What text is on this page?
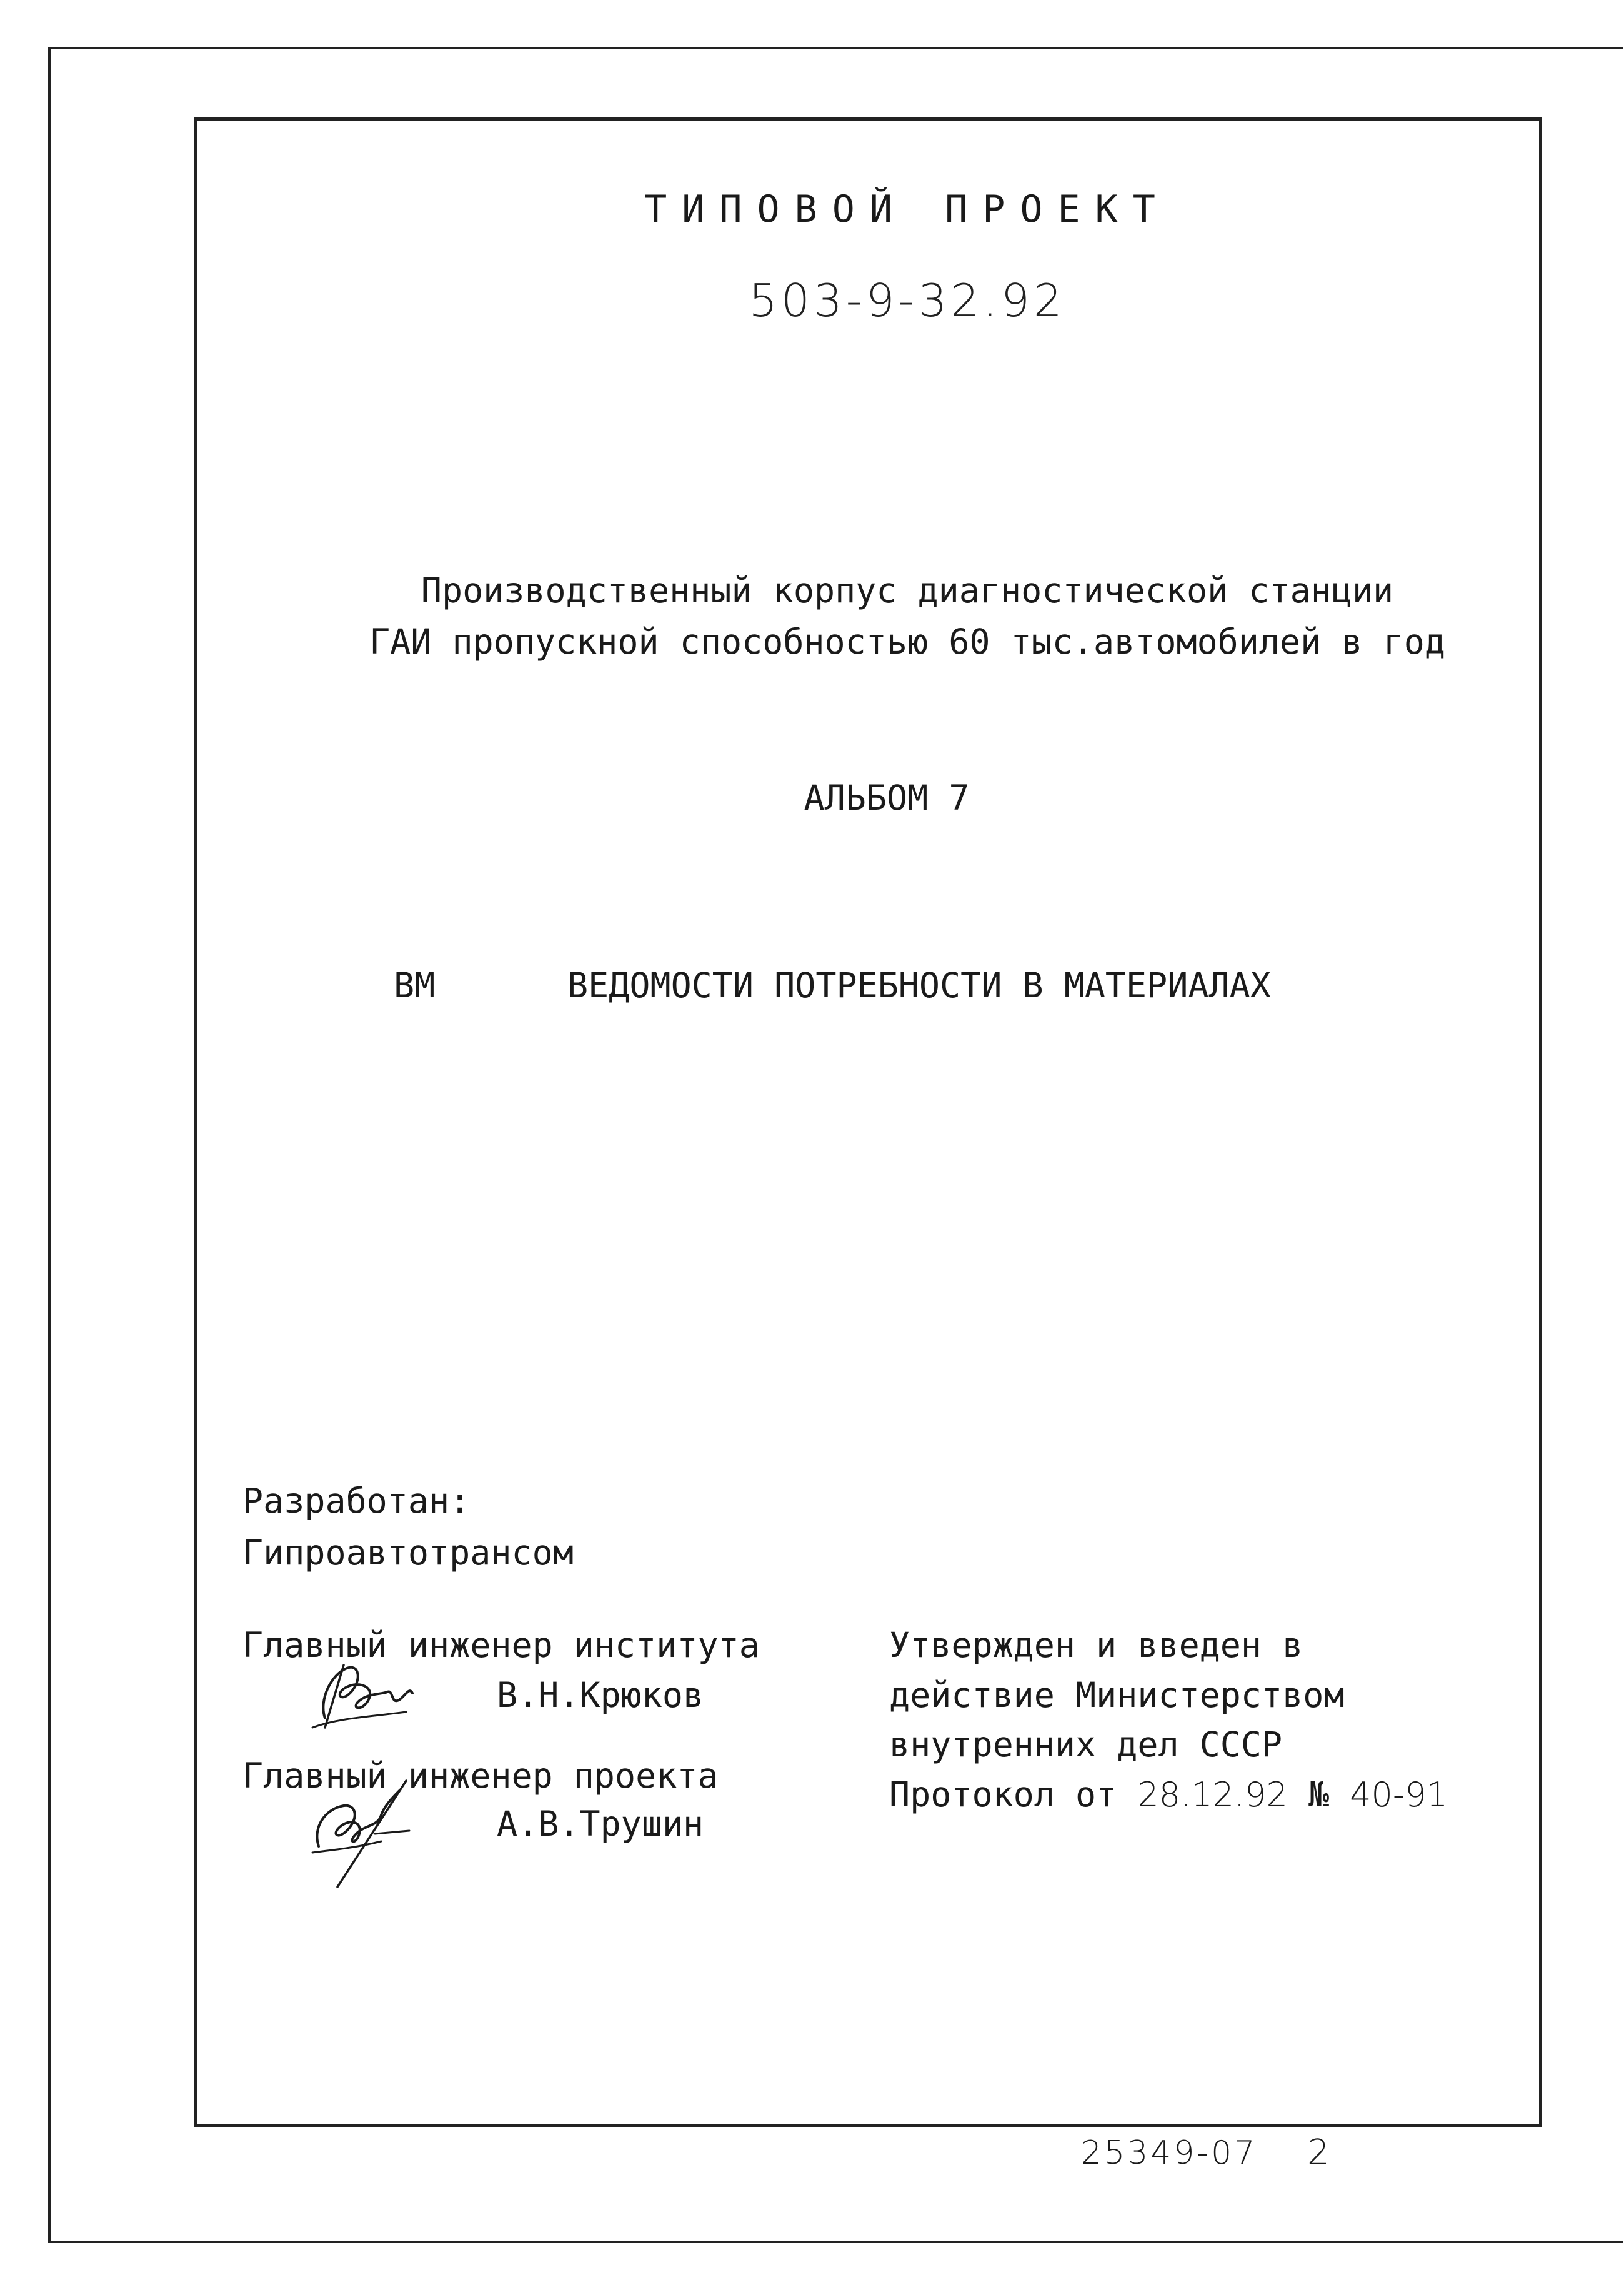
ТИПОВОЙ ПРОЕКТ
503-9-32.92
Производственный корпус диагностической станции
ГАИ пропускной способностью 60 тыс.автомобилей в год
АЛЬБОМ 7
ВМ	ВЕДОМОСТИ ПОТРЕБНОСТИ В МАТЕРИАЛАХ
Разработан:
Гипроавтотрансом
Главный инженер института
В.Н.Крюков
Главный инженер проекта
А.В.Трушин
Утвержден и введен в
действие Министерством
внутренних дел СССР
Протокол от 28.12.92 № 40-91
25349-07 2
